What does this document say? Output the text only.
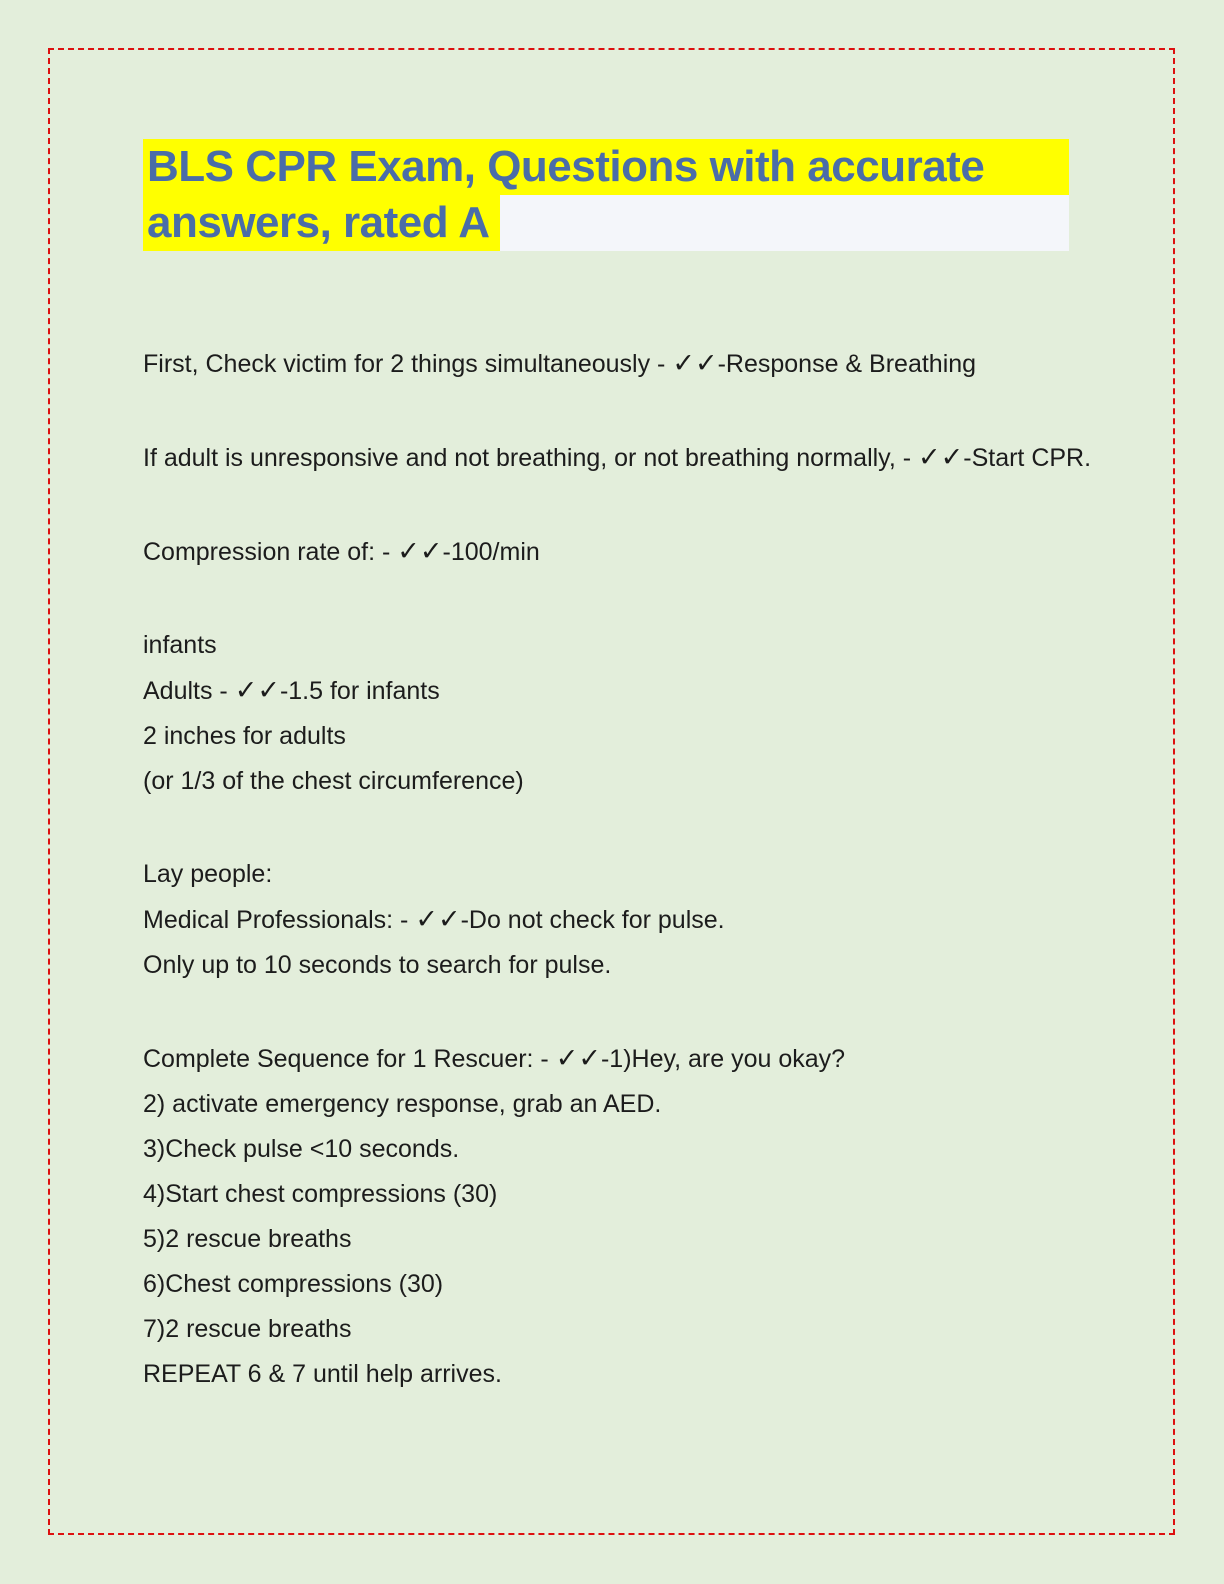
BLS CPR Exam, Questions with accurate
answers, rated A
First, Check victim for 2 things simultaneously - ✓✓-Response & Breathing
If adult is unresponsive and not breathing, or not breathing normally, - ✓✓-Start CPR.
Compression rate of: - ✓✓-100/min
infants
Adults - ✓✓-1.5 for infants
2 inches for adults
(or 1/3 of the chest circumference)
Lay people:
Medical Professionals: - ✓✓-Do not check for pulse.
Only up to 10 seconds to search for pulse.
Complete Sequence for 1 Rescuer: - ✓✓-1)Hey, are you okay?
2) activate emergency response, grab an AED.
3)Check pulse <10 seconds.
4)Start chest compressions (30)
5)2 rescue breaths
6)Chest compressions (30)
7)2 rescue breaths
REPEAT 6 & 7 until help arrives.
